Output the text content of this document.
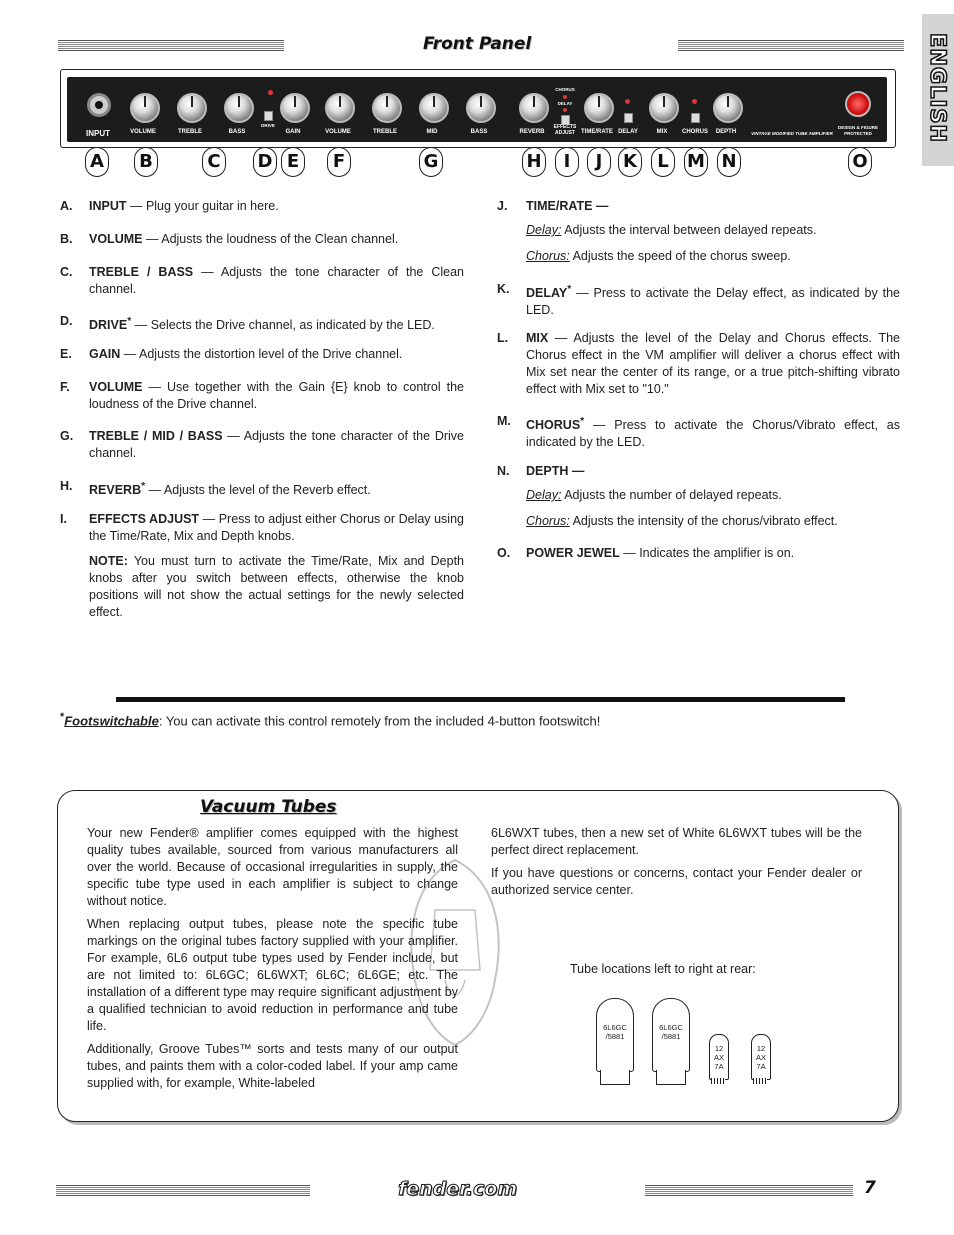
Front Panel	ENGLISH
INPUT	VOLUME	TREBLE	BASS
DRIVE
GAIN	VOLUME	TREBLE	MID	BASS	REVERB
CHORUS
DELAY
EFFECTS ADJUST	TIME/RATE DELAY	MIX	CHORUS	DEPTH	VINTAGE MODIFIED TUBE AMPLIFIER
DESIGN & FIGURE PROTECTED
A B	C D E	F	G	H	I	J	K	L	M N	O
A. INPUT — Plug your guitar in here.
B. VOLUME — Adjusts the loudness of the Clean channel.
C. TREBLE / BASS — Adjusts the tone character of the Clean channel.
D. DRIVE* — Selects the Drive channel, as indicated by the LED.
E. GAIN — Adjusts the distortion level of the Drive channel.
F. VOLUME — Use together with the Gain {E} knob to control the loudness of the Drive channel.
G. TREBLE / MID / BASS — Adjusts the tone character of the Drive channel.
H. REVERB* — Adjusts the level of the Reverb effect.
I. EFFECTS ADJUST — Press to adjust either Chorus or Delay using the Time/Rate, Mix and Depth knobs.
NOTE: You must turn to activate the Time/Rate, Mix and Depth knobs after you switch between effects, otherwise the knob positions will not show the actual settings for the newly selected effect.
J. TIME/RATE —
Delay: Adjusts the interval between delayed repeats.
Chorus: Adjusts the speed of the chorus sweep.
K. DELAY* — Press to activate the Delay effect, as indicated by the LED.
L. MIX — Adjusts the level of the Delay and Chorus effects. The Chorus effect in the VM amplifier will deliver a chorus effect with Mix set near the center of its range, or a true pitch-shifting vibrato effect with Mix set to "10."
M. CHORUS* — Press to activate the Chorus/Vibrato effect, as indicated by the LED.
N. DEPTH —
Delay: Adjusts the number of delayed repeats.
Chorus: Adjusts the intensity of the chorus/vibrato effect.
O. POWER JEWEL — Indicates the amplifier is on.
*Footswitchable: You can activate this control remotely from the included 4-button footswitch!
Vacuum Tubes

Your new Fender® amplifier comes equipped with the highest quality tubes available, sourced from various manufacturers all over the world. Because of occasional irregularities in supply, the specific tube type used in each amplifier is subject to change without notice.

When replacing output tubes, please note the specific tube markings on the original tubes factory supplied with your amplifier. For example, 6L6 output tube types used by Fender include, but are not limited to: 6L6GC; 6L6WXT; 6L6C; 6L6GE; etc. The installation of a different type may require significant adjustment by a qualified technician to avoid reduction in performance and tube life.

Additionally, Groove Tubes™ sorts and tests many of our output tubes, and paints them with a color-coded label. If your amp came supplied with, for example, White-labeled

6L6WXT tubes, then a new set of White 6L6WXT tubes will be the perfect direct replacement.

If you have questions or concerns, contact your Fender dealer or authorized service center.

Tube locations left to right at rear:
6L6GC
/5881
6L6GC
/5881
12
AX
7A
12
AX
7A
fender.com	7
